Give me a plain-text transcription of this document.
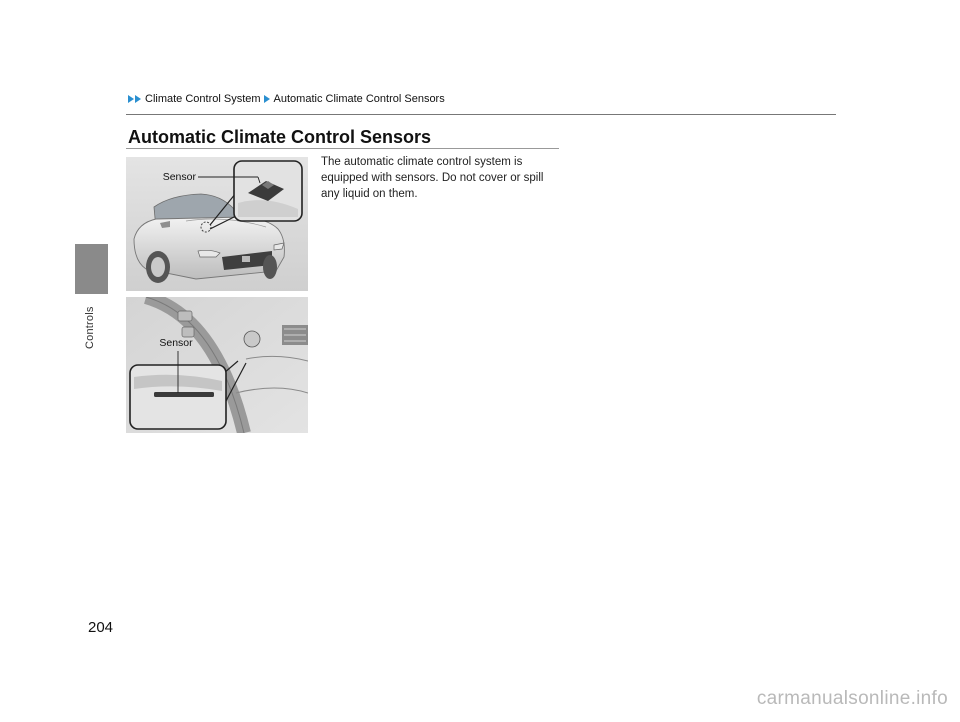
Controls
Climate Control System Automatic Climate Control Sensors
Automatic Climate Control Sensors

The automatic climate control system is equipped with sensors. Do not cover or spill any liquid on them.

Sensor
Sensor
204
carmanualsonline.info
